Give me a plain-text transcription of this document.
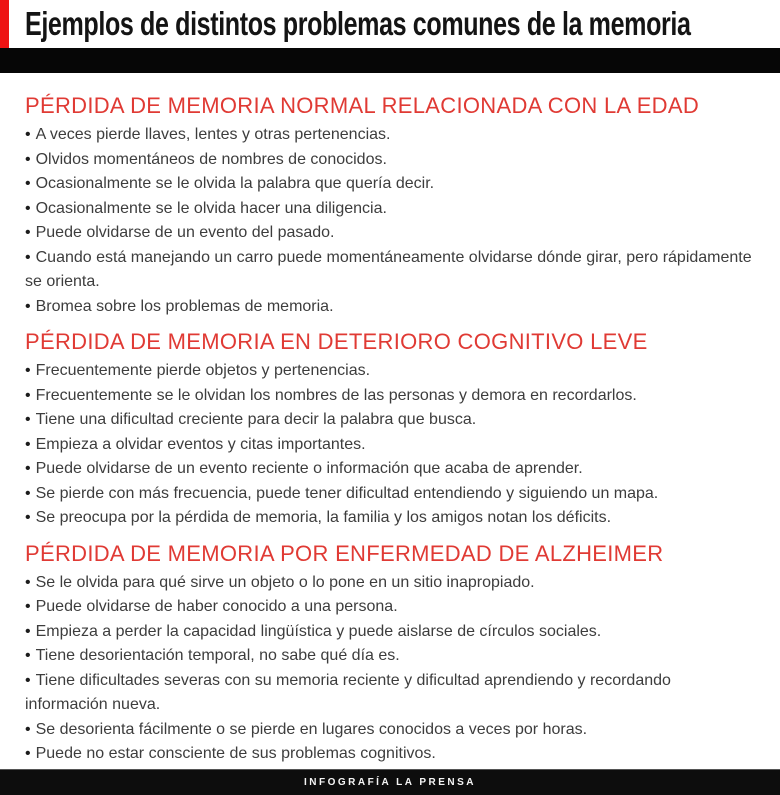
Ejemplos de distintos problemas comunes de la memoria
PÉRDIDA DE MEMORIA NORMAL RELACIONADA CON LA EDAD

• A veces pierde llaves, lentes y otras pertenencias.

• Olvidos momentáneos de nombres de conocidos.

• Ocasionalmente se le olvida la palabra que quería decir.

• Ocasionalmente se le olvida hacer una diligencia.

• Puede olvidarse de un evento del pasado.

• Cuando está manejando un carro puede momentáneamente olvidarse dónde girar, pero rápidamente se orienta.

• Bromea sobre los problemas de memoria.

PÉRDIDA DE MEMORIA EN DETERIORO COGNITIVO LEVE

• Frecuentemente pierde objetos y pertenencias.

• Frecuentemente se le olvidan los nombres de las personas y demora en recordarlos.

• Tiene una dificultad creciente para decir la palabra que busca.

• Empieza a olvidar eventos y citas importantes.

• Puede olvidarse de un evento reciente o información que acaba de aprender.

• Se pierde con más frecuencia, puede tener dificultad entendiendo y siguiendo un mapa.

• Se preocupa por la pérdida de memoria, la familia y los amigos notan los déficits.

PÉRDIDA DE MEMORIA POR ENFERMEDAD DE ALZHEIMER

• Se le olvida para qué sirve un objeto o lo pone en un sitio inapropiado.

• Puede olvidarse de haber conocido a una persona.

• Empieza a perder la capacidad lingüística y puede aislarse de círculos sociales.

• Tiene desorientación temporal, no sabe qué día es.

• Tiene dificultades severas con su memoria reciente y dificultad aprendiendo y recordando información nueva.

• Se desorienta fácilmente o se pierde en lugares conocidos a veces por horas.

• Puede no estar consciente de sus problemas cognitivos.

INFOGRAFÍA LA PRENSA
